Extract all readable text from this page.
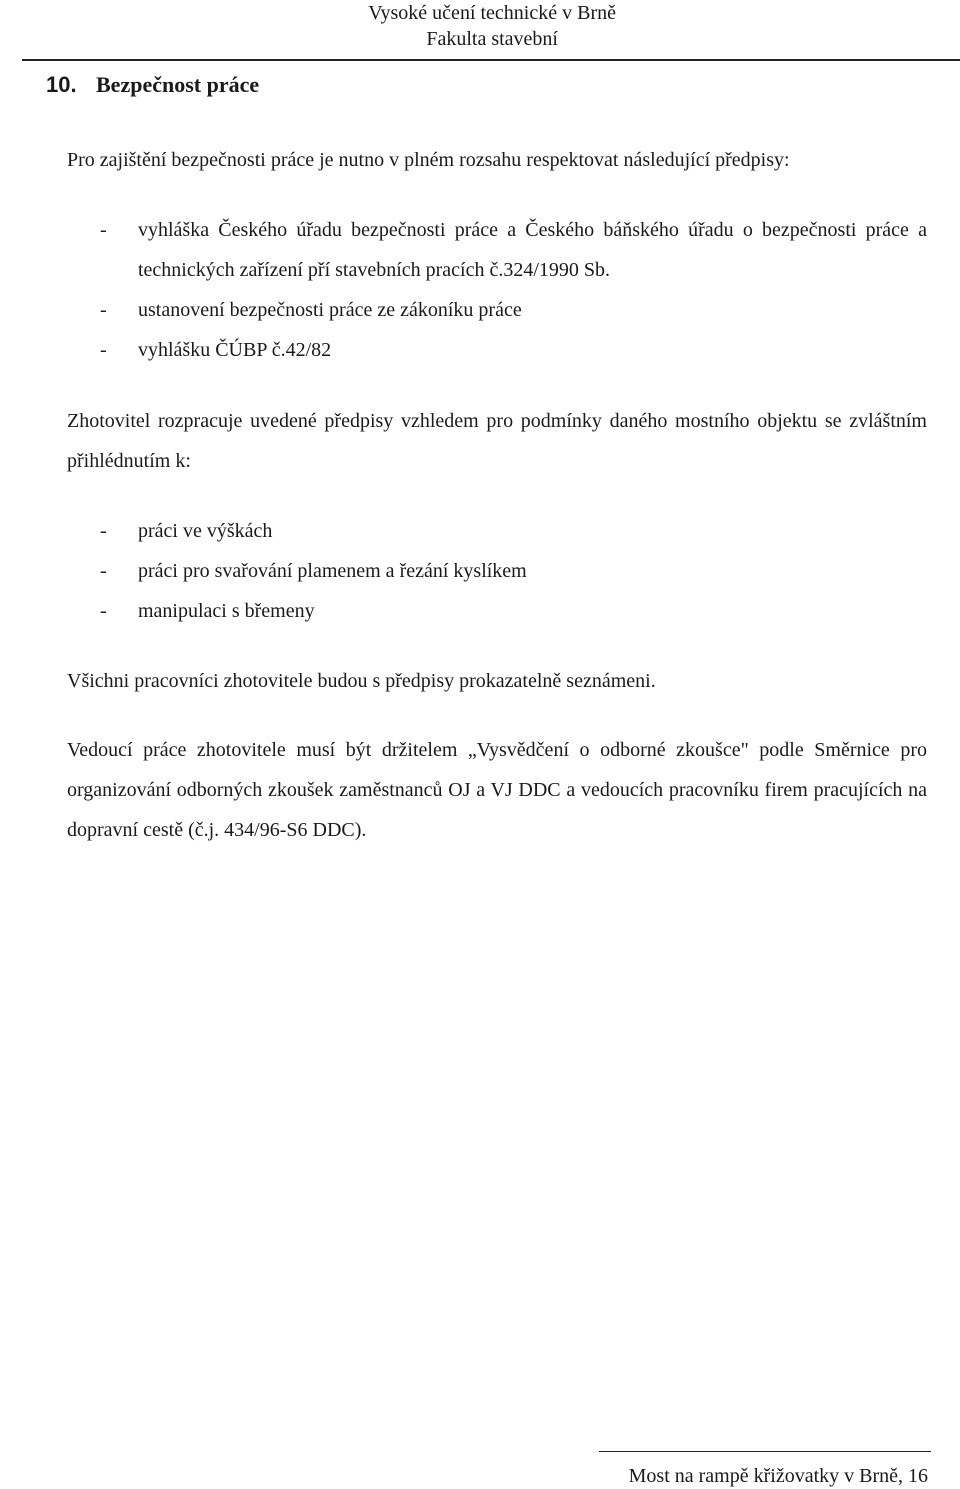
Vysoké učení technické v Brně
Fakulta stavební
10. Bezpečnost práce
Pro zajištění bezpečnosti práce je nutno v plném rozsahu respektovat následující předpisy:
- vyhláška Českého úřadu bezpečnosti práce a Českého báňského úřadu o bezpečnosti práce a technických zařízení pří stavebních pracích č.324/1990 Sb.
- ustanovení bezpečnosti práce ze zákoníku práce
- vyhlášku ČÚBP č.42/82
Zhotovitel rozpracuje uvedené předpisy vzhledem pro podmínky daného mostního objektu se zvláštním přihlédnutím k:
- práci ve výškách
- práci pro svařování plamenem a řezání kyslíkem
- manipulaci s břemeny
Všichni pracovníci zhotovitele budou s předpisy prokazatelně seznámeni.
Vedoucí práce zhotovitele musí být držitelem „Vysvědčení o odborné zkoušce" podle Směrnice pro organizování odborných zkoušek zaměstnanců OJ a VJ DDC a vedoucích pracovníku firem pracujících na dopravní cestě (č.j. 434/96-S6 DDC).
Most na rampě křižovatky v Brně, 16
